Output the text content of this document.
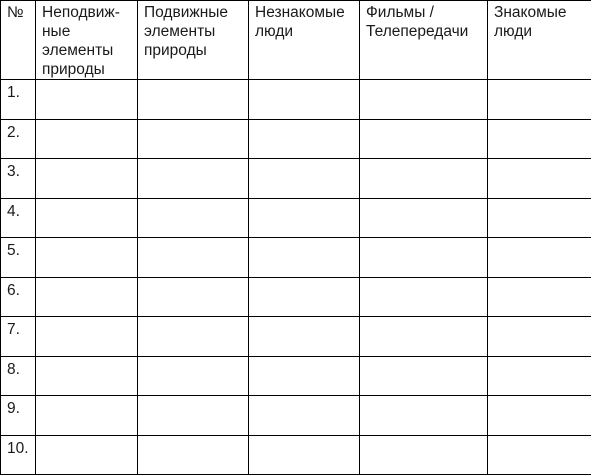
№	Неподвиж-ные элементы природы	Подвижные элементы природы	Незнакомые люди	Фильмы / Телепередачи	Знакомые люди

1.					
2.					
3.					
4.					
5.					
6.					
7.					
8.					
9.					
10.					
